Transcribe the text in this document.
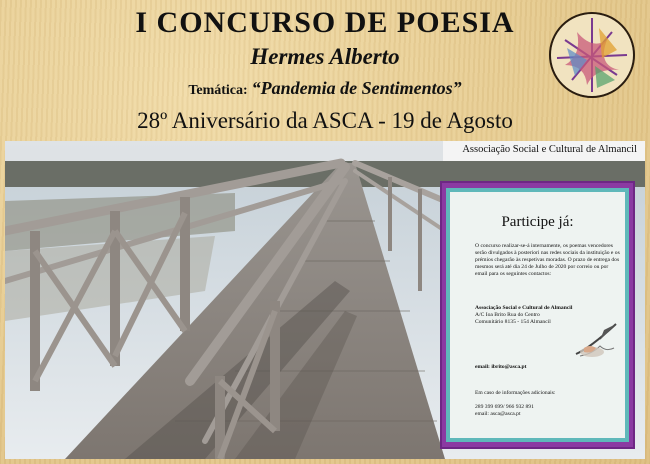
I CONCURSO DE POESIA
Hermes Alberto
Temática: “Pandemia de Sentimentos”
28º Aniversário da ASCA - 19 de Agosto
Associação Social e Cultural de Almancil
Participe já:
O concurso realizar-se-á internamente, os poemas vencedores serão divulgados à posteriori nas redes sociais da instituição e os prémios chegarão às respetivas moradas. O prazo de entrega dos mesmos será até dia 24 de Julho de 2020 por correio ou por email para os seguintes contactos:
Associação Social e Cultural de Almancil
A/C Ioa Brito Rua do Centro Comunitário 8135 - 154 Almancil
email: ibrito@asca.pt
Em caso de informações adicionais:
289 399 699/ 966 932 891
email: asca@asca.pt
